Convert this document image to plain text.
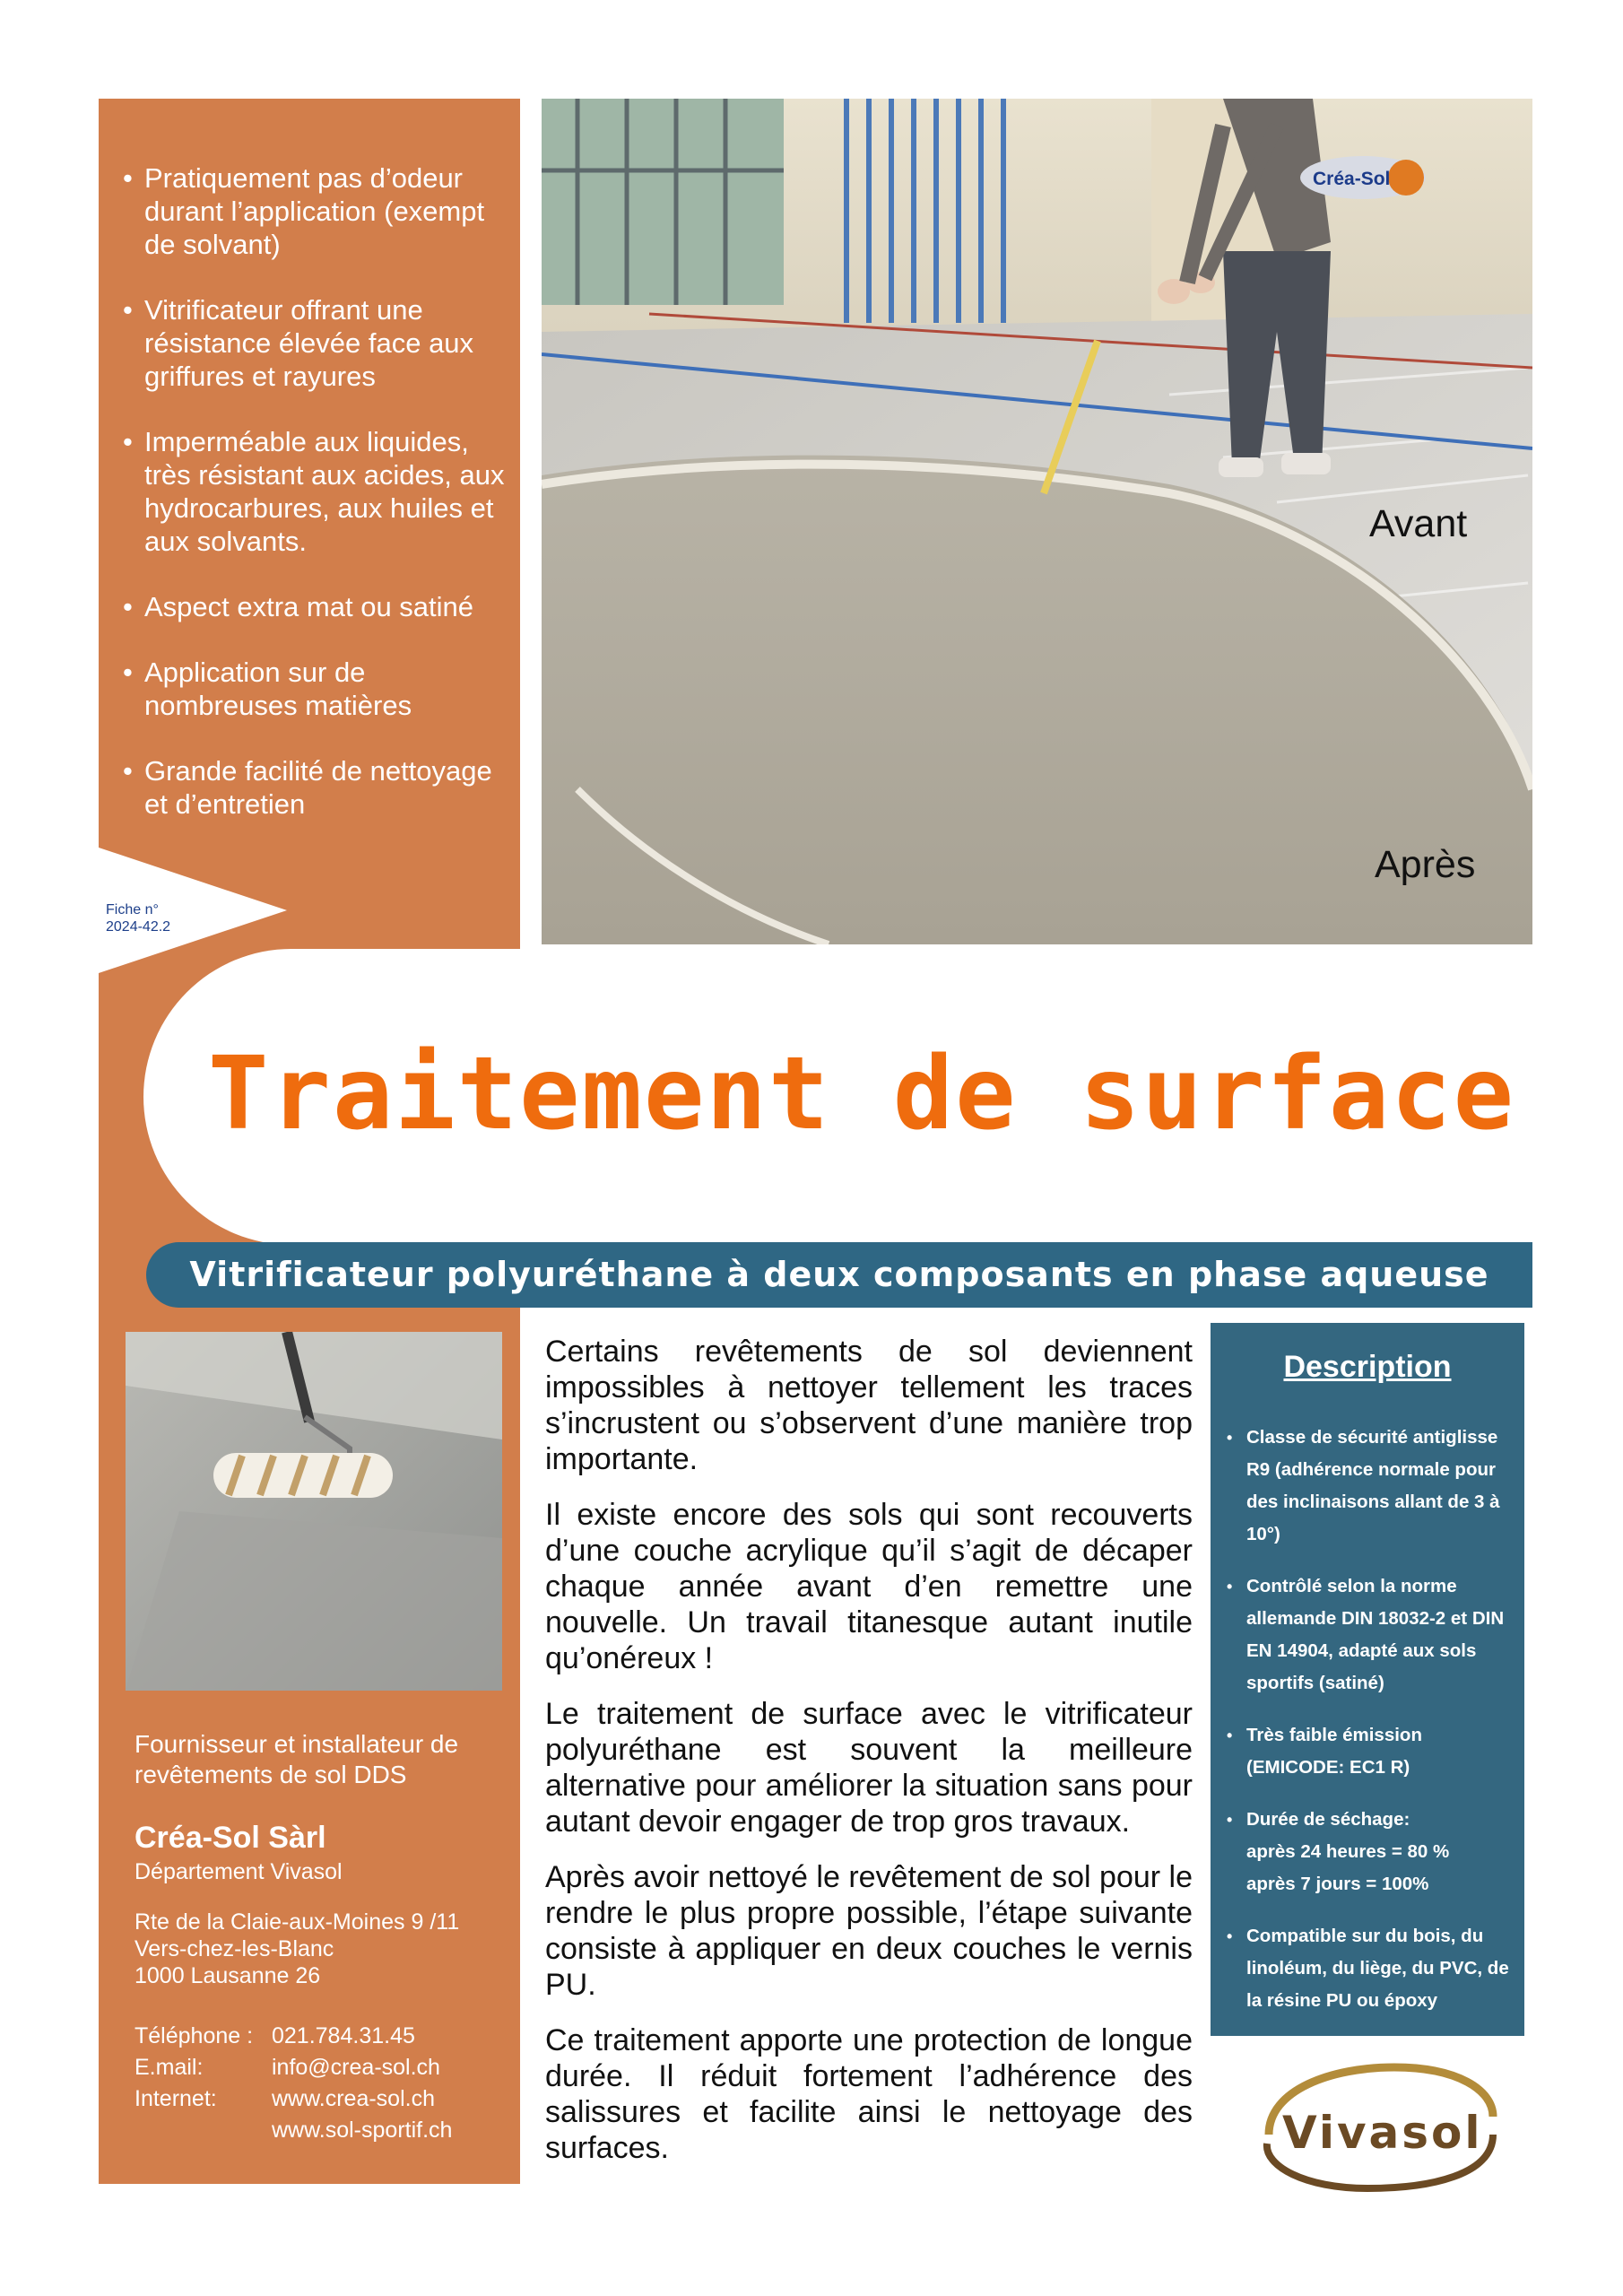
• Pratiquement pas d’odeur durant l’application (exempt de solvant)
• Vitrificateur offrant une résistance élevée face aux griffures et rayures
• Imperméable aux liquides, très résistant aux acides, aux hydrocarbures, aux huiles et aux solvants.
• Aspect extra mat ou satiné
• Application sur de nombreuses matières
• Grande facilité de nettoyage et d’entretien
Fiche n°
2024-42.2
Créa-Sol
Avant
Après
Traitement de surface
Vitrificateur polyuréthane à deux composants en phase aqueuse
Fournisseur et installateur de revêtements de sol DDS
Créa-Sol Sàrl
Département Vivasol
Rte de la Claie-aux-Moines 9 /11
Vers-chez-les-Blanc
1000 Lausanne 26
Téléphone : 021.784.31.45
E.mail:	info@crea-sol.ch
Internet:	www.crea-sol.ch
www.sol-sportif.ch

Certains revêtements de sol deviennent impossibles à nettoyer tellement les traces s’incrustent ou s’observent d’une manière trop importante.

Il existe encore des sols qui sont recouverts d’une couche acrylique qu’il s’agit de décaper chaque année avant d’en remettre une nouvelle. Un travail titanesque autant inutile qu’onéreux !

Le traitement de surface avec le vitrificateur polyuréthane est souvent la meilleure alternative pour améliorer la situation sans pour autant devoir engager de trop gros travaux.

Après avoir nettoyé le revêtement de sol pour le rendre le plus propre possible, l’étape suivante consiste à appliquer en deux couches le vernis PU.

Ce traitement apporte une protection de longue durée. Il réduit fortement l’adhérence des salissures et facilite ainsi le nettoyage des surfaces.

Description
• Classe de sécurité antiglisse R9 (adhérence normale pour des inclinaisons allant de 3 à 10°)
• Contrôlé selon la norme allemande DIN 18032-2 et DIN EN 14904, adapté aux sols sportifs (satiné)
• Très faible émission (EMICODE: EC1 R)
• Durée de séchage:
après 24 heures = 80 %
après 7 jours = 100%
• Compatible sur du bois, du linoléum, du liège, du PVC, de la résine PU ou époxy
Vivasol
